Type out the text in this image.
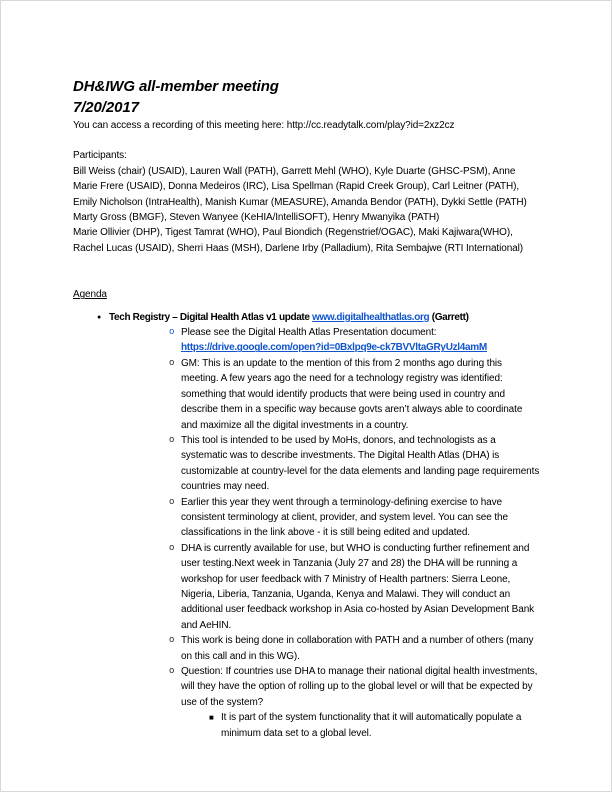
DH&IWG all-member meeting
7/20/2017
You can access a recording of this meeting here: http://cc.readytalk.com/play?id=2xz2cz
Participants:
Bill Weiss (chair) (USAID), Lauren Wall (PATH), Garrett Mehl (WHO), Kyle Duarte (GHSC-PSM), Anne
Marie Frere (USAID), Donna Medeiros (IRC), Lisa Spellman (Rapid Creek Group), Carl Leitner (PATH),
Emily Nicholson (IntraHealth), Manish Kumar (MEASURE), Amanda Bendor (PATH), Dykki Settle (PATH)
Marty Gross (BMGF), Steven Wanyee (KeHIA/IntelliSOFT), Henry Mwanyika (PATH)
Marie Ollivier (DHP), Tigest Tamrat (WHO), Paul Biondich (Regenstrief/OGAC), Maki Kajiwara(WHO),
Rachel Lucas (USAID), Sherri Haas (MSH), Darlene Irby (Palladium), Rita Sembajwe (RTI International)
Agenda
● Tech Registry – Digital Health Atlas v1 update www.digitalhealthatlas.org (Garrett)
o Please see the Digital Health Atlas Presentation document:

https://drive.google.com/open?id=0Bxlpq9e-ck7BVVltaGRyUzl4amM
o GM: This is an update to the mention of this from 2 months ago during this meeting. A few years ago the need for a technology registry was identified: something that would identify products that were being used in country and describe them in a specific way because govts aren’t always able to coordinate and maximize all the digital investments in a country.

o This tool is intended to be used by MoHs, donors, and technologists as a systematic was to describe investments. The Digital Health Atlas (DHA) is customizable at country-level for the data elements and landing page requirements countries may need.

o Earlier this year they went through a terminology-defining exercise to have consistent terminology at client, provider, and system level. You can see the classifications in the link above - it is still being edited and updated.

o DHA is currently available for use, but WHO is conducting further refinement and user testing.Next week in Tanzania (July 27 and 28) the DHA will be running a workshop for user feedback with 7 Ministry of Health partners: Sierra Leone, Nigeria, Liberia, Tanzania, Uganda, Kenya and Malawi. They will conduct an additional user feedback workshop in Asia co-hosted by Asian Development Bank and AeHIN.

o This work is being done in collaboration with PATH and a number of others (many on this call and in this WG).

o Question: If countries use DHA to manage their national digital health investments, will they have the option of rolling up to the global level or will that be expected by use of the system?

■ It is part of the system functionality that it will automatically populate a minimum data set to a global level.
